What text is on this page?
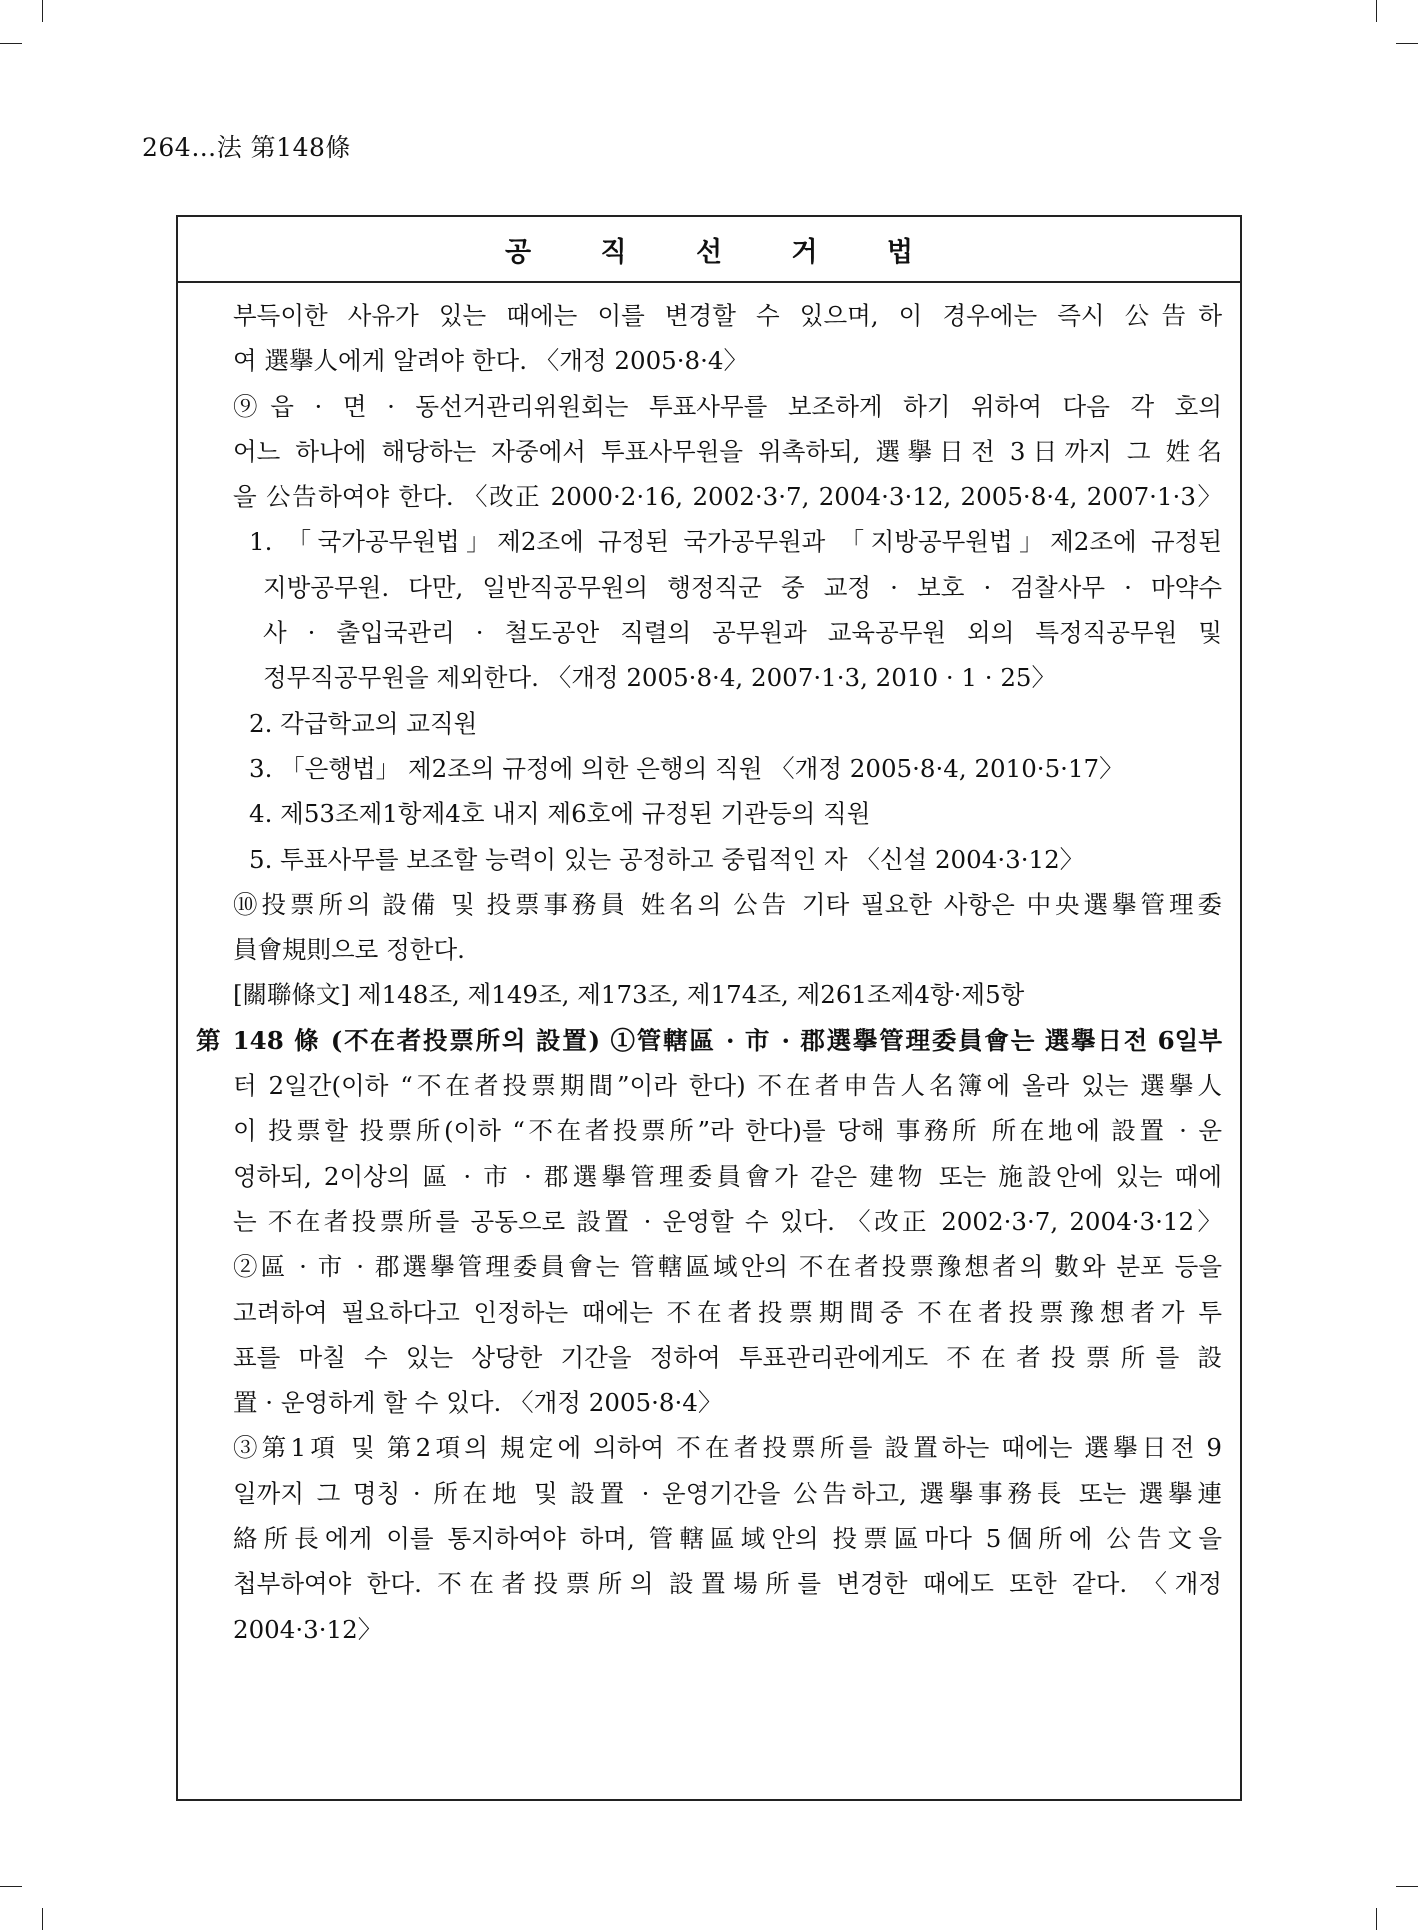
264…法 第148條
공 직 선 거 법
부득이한 사유가 있는 때에는 이를 변경할 수 있으며, 이 경우에는 즉시 公告하
여 選擧人에게 알려야 한다. 〈개정 2005·8·4〉
⑨읍 · 면 · 동선거관리위원회는 투표사무를 보조하게 하기 위하여 다음 각 호의
어느 하나에 해당하는 자중에서 투표사무원을 위촉하되, 選擧日전 3日까지 그 姓名
을 公告하여야 한다. 〈改正 2000·2·16, 2002·3·7, 2004·3·12, 2005·8·4, 2007·1·3〉
1. 「국가공무원법」제2조에 규정된 국가공무원과 「지방공무원법」제2조에 규정된
지방공무원. 다만, 일반직공무원의 행정직군 중 교정 · 보호 · 검찰사무 · 마약수
사 · 출입국관리 · 철도공안 직렬의 공무원과 교육공무원 외의 특정직공무원 및
정무직공무원을 제외한다. 〈개정 2005·8·4, 2007·1·3, 2010 · 1 · 25〉
2. 각급학교의 교직원
3. 「은행법」 제2조의 규정에 의한 은행의 직원 〈개정 2005·8·4, 2010·5·17〉
4. 제53조제1항제4호 내지 제6호에 규정된 기관등의 직원
5. 투표사무를 보조할 능력이 있는 공정하고 중립적인 자 〈신설 2004·3·12〉
⑩投票所의 設備 및 投票事務員 姓名의 公告 기타 필요한 사항은 中央選擧管理委
員會規則으로 정한다.
[關聯條文] 제148조, 제149조, 제173조, 제174조, 제261조제4항·제5항
第 148 條 (不在者投票所의 設置) ①管轄區 · 市 · 郡選擧管理委員會는 選擧日전 6일부
터 2일간(이하 “不在者投票期間”이라 한다) 不在者申告人名簿에 올라 있는 選擧人
이 投票할 投票所(이하 “不在者投票所”라 한다)를 당해 事務所 所在地에 設置 · 운
영하되, 2이상의 區 · 市 · 郡選擧管理委員會가 같은 建物 또는 施設안에 있는 때에
는 不在者投票所를 공동으로 設置 · 운영할 수 있다. 〈改正 2002·3·7, 2004·3·12〉
②區 · 市 · 郡選擧管理委員會는 管轄區域안의 不在者投票豫想者의 數와 분포 등을
고려하여 필요하다고 인정하는 때에는 不在者投票期間중 不在者投票豫想者가 투
표를 마칠 수 있는 상당한 기간을 정하여 투표관리관에게도 不在者投票所를 設
置 · 운영하게 할 수 있다. 〈개정 2005·8·4〉
③第1項 및 第2項의 規定에 의하여 不在者投票所를 設置하는 때에는 選擧日전 9
일까지 그 명칭 · 所在地 및 設置 · 운영기간을 公告하고, 選擧事務長 또는 選擧連
絡所長에게 이를 통지하여야 하며, 管轄區域안의 投票區마다 5個所에 公告文을
첩부하여야 한다. 不在者投票所의 設置場所를 변경한 때에도 또한 같다. 〈개정
2004·3·12〉
